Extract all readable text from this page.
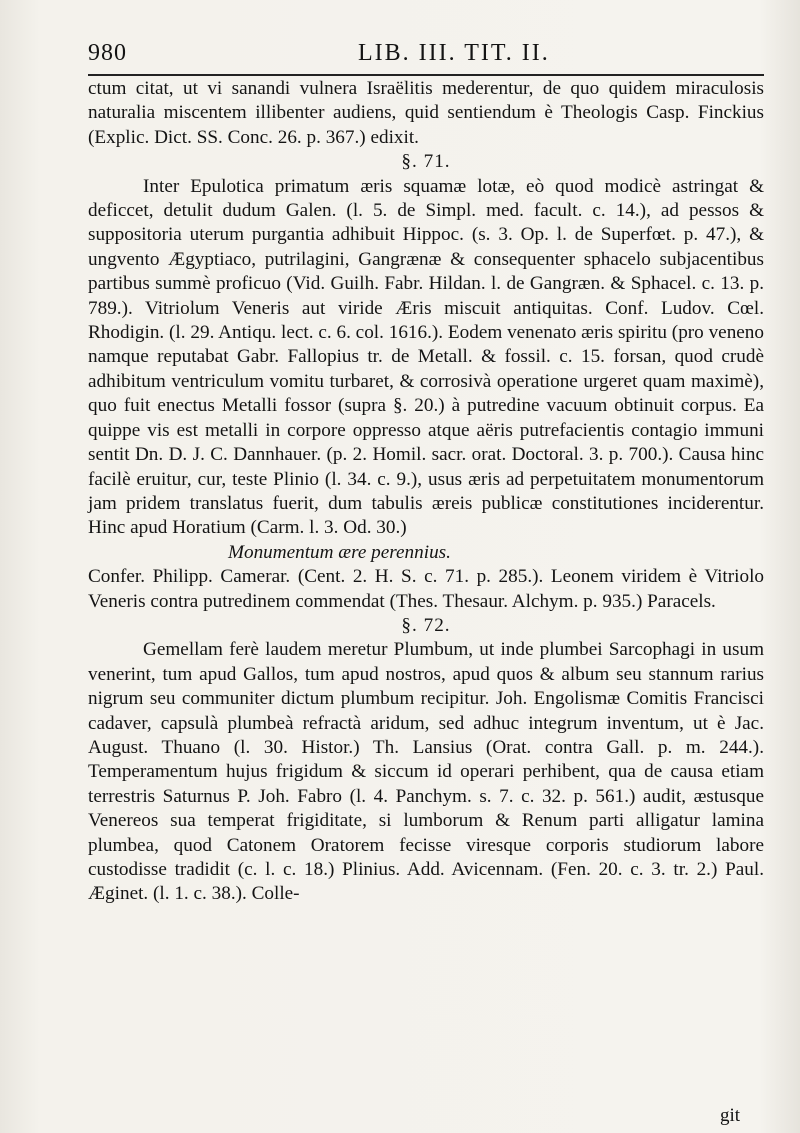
980	LIB. III. TIT. II.

ctum citat, ut vi sanandi vulnera Israëlitis mederentur, de quo quidem miraculosis naturalia miscentem illibenter audiens, quid sentiendum è Theologis Casp. Finckius (Explic. Dict. SS. Conc. 26. p. 367.) edixit.

§. 71.

Inter Epulotica primatum æris squamæ lotæ, eò quod modicè astringat & deficcet, detulit dudum Galen. (l. 5. de Simpl. med. facult. c. 14.), ad pessos & suppositoria uterum purgantia adhibuit Hippoc. (s. 3. Op. l. de Superfœt. p. 47.), & ungvento Ægyptiaco, putrilagini, Gangrænæ & consequenter sphacelo subjacentibus partibus summè proficuo (Vid. Guilh. Fabr. Hildan. l. de Gangræn. & Sphacel. c. 13. p. 789.). Vitriolum Veneris aut viride Æris miscuit antiquitas. Conf. Ludov. Cœl. Rhodigin. (l. 29. Antiqu. lect. c. 6. col. 1616.). Eodem venenato æris spiritu (pro veneno namque reputabat Gabr. Fallopius tr. de Metall. & fossil. c. 15. forsan, quod crudè adhibitum ventriculum vomitu turbaret, & corrosivà operatione urgeret quam maximè), quo fuit enectus Metalli fossor (supra §. 20.) à putredine vacuum obtinuit corpus. Ea quippe vis est metalli in corpore oppresso atque aëris putrefacientis contagio immuni sentit Dn. D. J. C. Dannhauer. (p. 2. Homil. sacr. orat. Doctoral. 3. p. 700.). Causa hinc facilè eruitur, cur, teste Plinio (l. 34. c. 9.), usus æris ad perpetuitatem monumentorum jam pridem translatus fuerit, dum tabulis æreis publicæ constitutiones inciderentur. Hinc apud Horatium (Carm. l. 3. Od. 30.)

Monumentum ære perennius.

Confer. Philipp. Camerar. (Cent. 2. H. S. c. 71. p. 285.). Leonem viridem è Vitriolo Veneris contra putredinem commendat (Thes. Thesaur. Alchym. p. 935.) Paracels.

§. 72.

Gemellam ferè laudem meretur Plumbum, ut inde plumbei Sarcophagi in usum venerint, tum apud Gallos, tum apud nostros, apud quos & album seu stannum rarius nigrum seu communiter dictum plumbum recipitur. Joh. Engolismæ Comitis Francisci cadaver, capsulà plumbeà refractà aridum, sed adhuc integrum inventum, ut è Jac. August. Thuano (l. 30. Histor.) Th. Lansius (Orat. contra Gall. p. m. 244.). Temperamentum hujus frigidum & siccum id operari perhibent, qua de causa etiam terrestris Saturnus P. Joh. Fabro (l. 4. Panchym. s. 7. c. 32. p. 561.) audit, æstusque Venereos sua temperat frigiditate, si lumborum & Renum parti alligatur lamina plumbea, quod Catonem Oratorem fecisse viresque corporis studiorum labore custodisse tradidit (c. l. c. 18.) Plinius. Add. Avicennam. (Fen. 20. c. 3. tr. 2.) Paul. Æginet. (l. 1. c. 38.). Colle-

git
